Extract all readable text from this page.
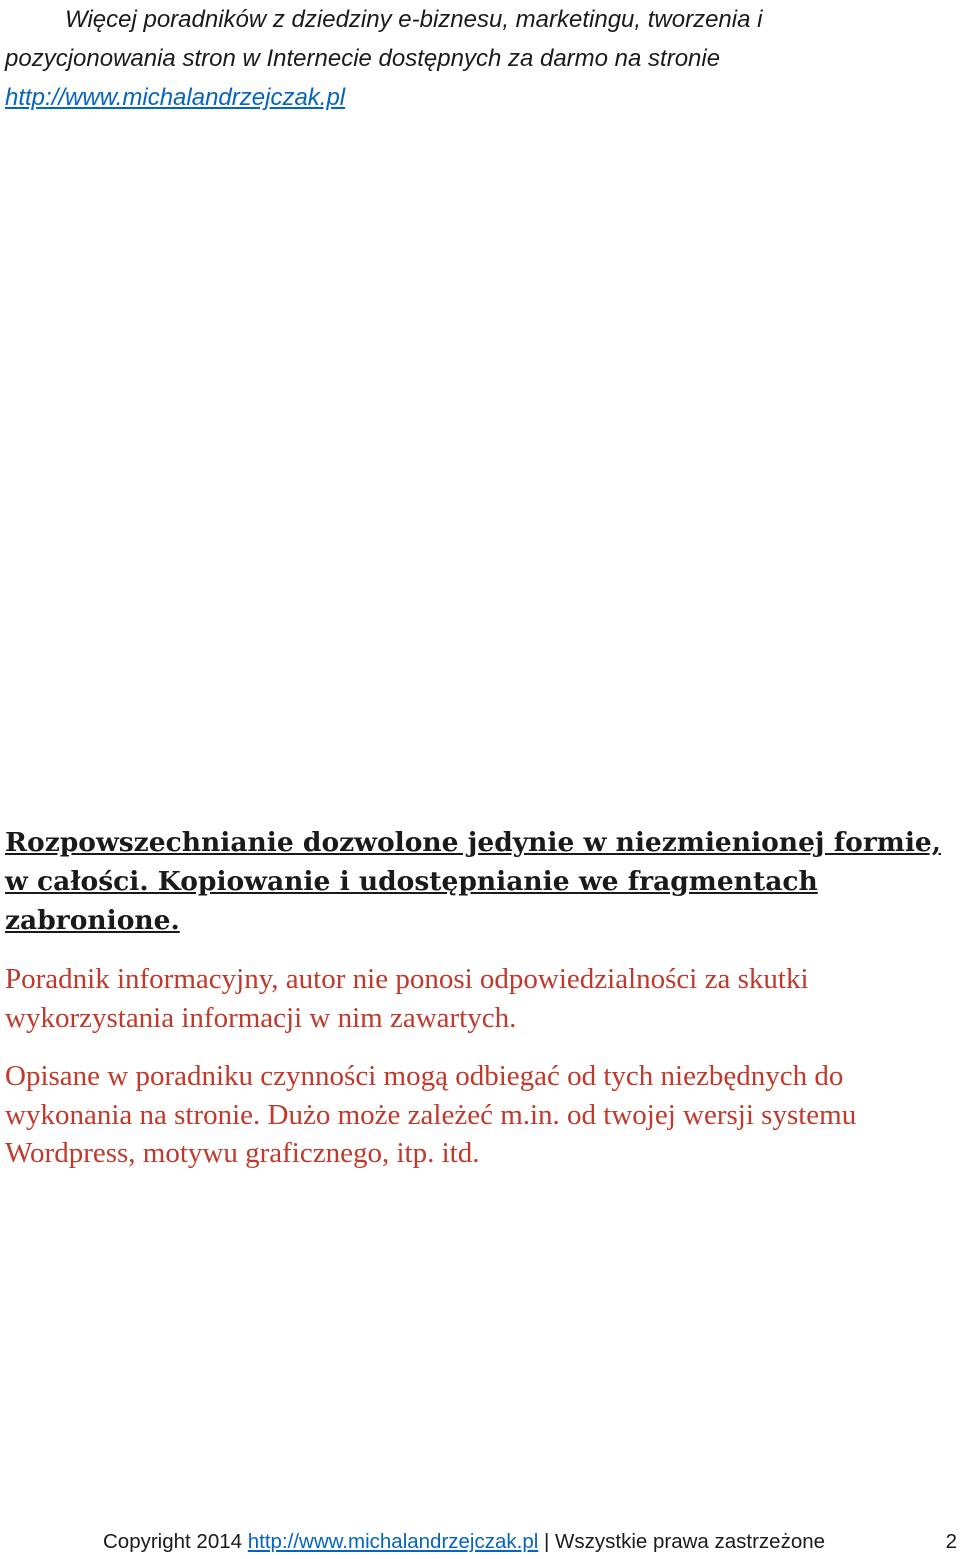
Więcej poradników z dziedziny e-biznesu, marketingu, tworzenia i
pozycjonowania stron w Internecie dostępnych za darmo na stronie
http://www.michalandrzejczak.pl

Rozpowszechnianie dozwolone jedynie w niezmienionej formie, w całości. Kopiowanie i udostępnianie we fragmentach zabronione.

Poradnik informacyjny, autor nie ponosi odpowiedzialności za skutki wykorzystania informacji w nim zawartych.

Opisane w poradniku czynności mogą odbiegać od tych niezbędnych do wykonania na stronie. Dużo może zależeć m.in. od twojej wersji systemu Wordpress, motywu graficznego, itp. itd.

Copyright 2014 http://www.michalandrzejczak.pl | Wszystkie prawa zastrzeżone	2
